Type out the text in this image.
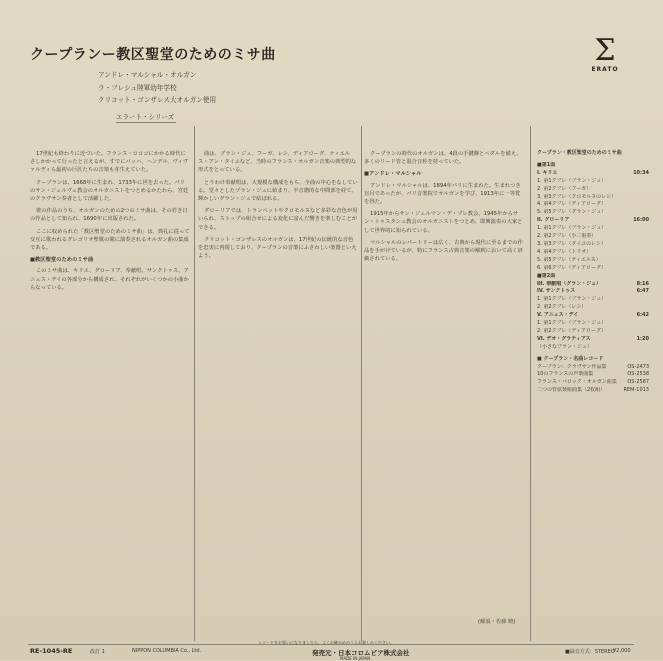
クープランー教区聖堂のためのミサ曲
アンドレ・マルシャル・オルガン
ラ・フレシュ陸軍幼年学校
クリコット・ゴンザレス大オルガン使用
Σ
ERATO
エラート・シリーズ

17世紀も終わりに近づいた。フランス・ロココにかかる時代にさしかかって行ったと言えるが、すでにバッハ、ヘンデル、ヴィヴァルディら最初の巨匠たちの音楽も芽生えていた。

クープランは、1668年に生まれ、1733年に世を去った。パリのサン・ジェルヴェ教会のオルガニストをつとめるかたわら、宮廷のクラヴサン奏者として活躍した。

彼の作品のうち、オルガンのための2つのミサ曲は、その若き日の作品として知られ、1690年に出版された。

ここに収められた「教区聖堂のためのミサ曲」は、典礼に従って交互に歌われるグレゴリオ聖歌の間に演奏されるオルガン曲の集成である。

■教区聖堂のためのミサ曲

このミサ曲は、キリエ、グローリア、奉献唱、サンクトゥス、アニュス・デイの各部分から構成され、それぞれがいくつかの小曲からなっている。

曲は、プラン・ジュ、フーガ、レシ、ディアローグ、ティエルス・アン・タイユなど、当時のフランス・オルガン音楽の典型的な形式をとっている。

とりわけ奉献唱は、大規模な構成をもち、全曲の中心をなしている。堂々としたプラン・ジュに始まり、半音階的な中間部を経て、輝かしいグラン・ジュで結ばれる。

グローリアでは、トランペットやクロモルヌなど多彩な音色が用いられ、ストップの組合せによる変化に富んだ響きを楽しむことができる。

クリコット・ゴンザレスのオルガンは、17世紀の伝統的な音色を忠実に再現しており、クープランの音楽にふさわしい楽器といえよう。

クープランの時代のオルガンは、4段の手鍵盤とペダルを備え、多くのリード管と混合音栓を持っていた。

■アンドレ・マルシャル

アンドレ・マルシャルは、1894年パリに生まれた。生まれつき盲目であったが、パリ音楽院でオルガンを学び、1913年に一等賞を得た。

1915年からサン・ジェルマン・デ・プレ教会、1945年からサン・トゥスタシュ教会のオルガニストをつとめ、即興演奏の大家として世界的に知られている。

マルシャルのレパートリーは広く、古典から現代に至るまでの作品を手がけているが、特にフランス古典音楽の解釈において高く評価されている。

(解説・佐藤 暁)
クープラン・教区聖堂のためのミサ曲
■第1面
I. キリエ	10:34
1. 第1クプレ（プラン・ジュ）
2. 第2クプレ（フーガ）
3. 第3クプレ（クロモルヌのレシ）
4. 第4クプレ（ディアローグ）
5. 第5クプレ（グラン・ジュ）
II. グローリア	16:00
1. 第1クプレ（プラン・ジュ）
2. 第2クプレ（小二重奏）
3. 第3クプレ（タイユのレシ）
4. 第4クプレ（トリオ）
5. 第5クプレ（ティエルス）
6. 第6クプレ（ディアローグ）
■第2面
III. 奉献唱（グラン・ジュ）	8:16
IV. サンクトゥス	6:47
1. 第1クプレ（プラン・ジュ）
2. 第2クプレ（レシ）
V. アニュス・デイ	6:42
1. 第1クプレ（プラン・ジュ）
2. 第2クプレ（ディアローグ）
VI. デオ・グラティアス	1:20
（小さなプラン・ジュ）
■ クープラン・名曲レコード
クープラン：クラヴサン作品集	OS-2473
10のフランスの声楽曲集	OS-2538
フランス・バロック・オルガン曲集 OS-2587
二つの管弦楽組曲集（2枚組）	REM-1013
RE-1045-RE	改訂 1	NIPPON COLUMBIA Co., Ltd.
レコードをお買いになりましたら、よくお確かめのうえお楽しみください。
発売元・日本コロムビア株式会社
MADE IN JAPAN
■録音方式：STEREO
¥2,000
